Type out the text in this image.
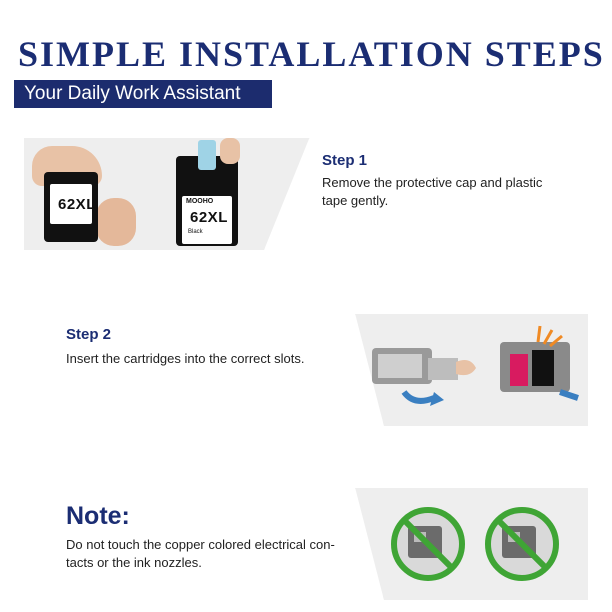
SIMPLE INSTALLATION STEPS
Your Daily Work Assistant
62XL	MOOHO
62XL
Black
Step 1
Remove the protective cap and plastic
tape gently.
Step 2
Insert the cartridges into the correct slots.
Note:
Do not touch the copper colored electrical con-
tacts or the ink nozzles.
